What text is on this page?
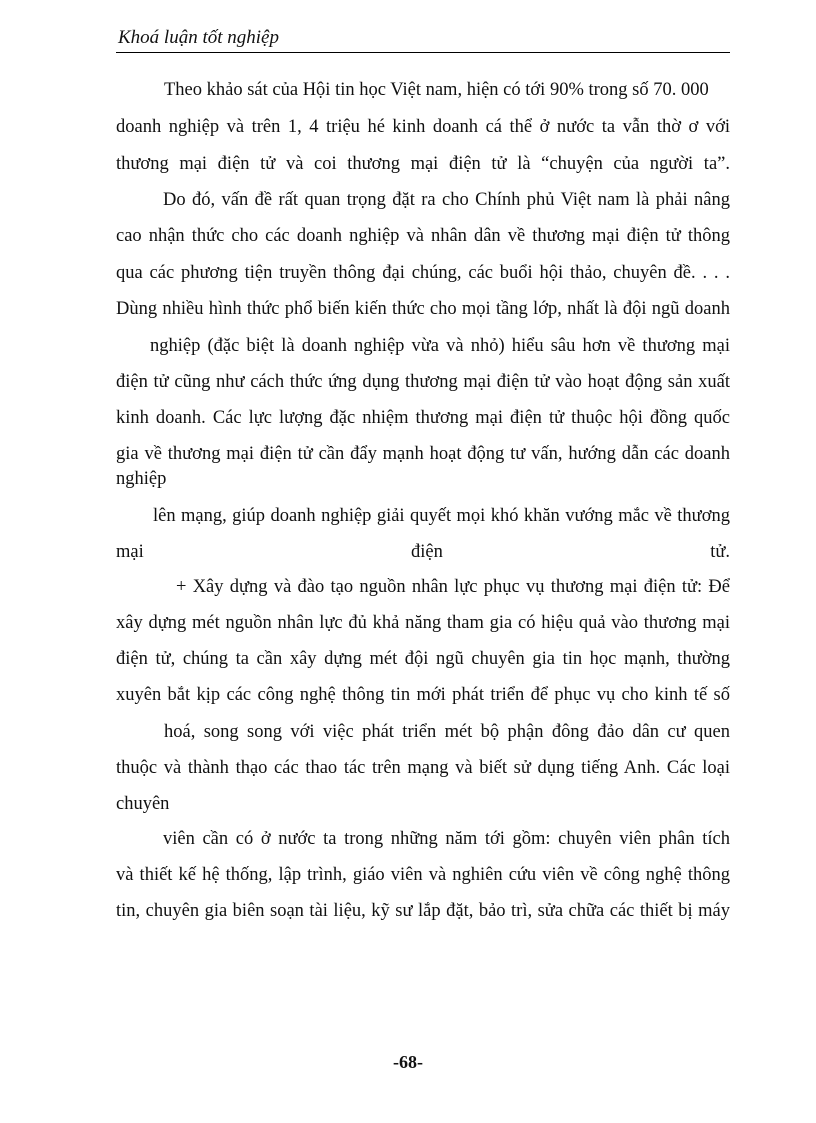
Khoá luận tốt nghiệp

Theo khảo sát của Hội tin học Việt nam, hiện có tới 90% trong số 70. 000

doanh nghiệp và trên 1, 4 triệu hé kinh doanh cá thể ở nước ta vẫn thờ ơ với

thương mại điện tử và coi thương mại điện tử là “chuyện của người ta”.

Do đó, vấn đề rất quan trọng đặt ra cho Chính phủ Việt nam là phải nâng

cao nhận thức cho các doanh nghiệp và nhân dân về thương mại điện tử thông

qua các phương tiện truyền thông đại chúng, các buổi hội thảo, chuyên đề. . . .

Dùng nhiều hình thức phổ biến kiến thức cho mọi tầng lớp, nhất là đội ngũ doanh

nghiệp (đặc biệt là doanh nghiệp vừa và nhỏ) hiểu sâu hơn về thương mại

điện tử cũng như cách thức ứng dụng thương mại điện tử vào hoạt động sản xuất

kinh doanh. Các lực lượng đặc nhiệm thương mại điện tử thuộc hội đồng quốc

gia về thương mại điện tử cần đẩy mạnh hoạt động tư vấn, hướng dẫn các doanh

nghiệp

lên mạng, giúp doanh nghiệp giải quyết mọi khó khăn vướng mắc về thương

mại điện tử.

+ Xây dựng và đào tạo nguồn nhân lực phục vụ thương mại điện tử: Để

xây dựng mét nguồn nhân lực đủ khả năng tham gia có hiệu quả vào thương mại

điện tử, chúng ta cần xây dựng mét đội ngũ chuyên gia tin học mạnh, thường

xuyên bắt kịp các công nghệ thông tin mới phát triển để phục vụ cho kinh tế số

hoá, song song với việc phát triển mét bộ phận đông đảo dân cư quen

thuộc và thành thạo các thao tác trên mạng và biết sử dụng tiếng Anh. Các loại

chuyên

viên cần có ở nước ta trong những năm tới gồm: chuyên viên phân tích

và thiết kế hệ thống, lập trình, giáo viên và nghiên cứu viên về công nghệ thông

tin, chuyên gia biên soạn tài liệu, kỹ sư lắp đặt, bảo trì, sửa chữa các thiết bị máy

-68-
